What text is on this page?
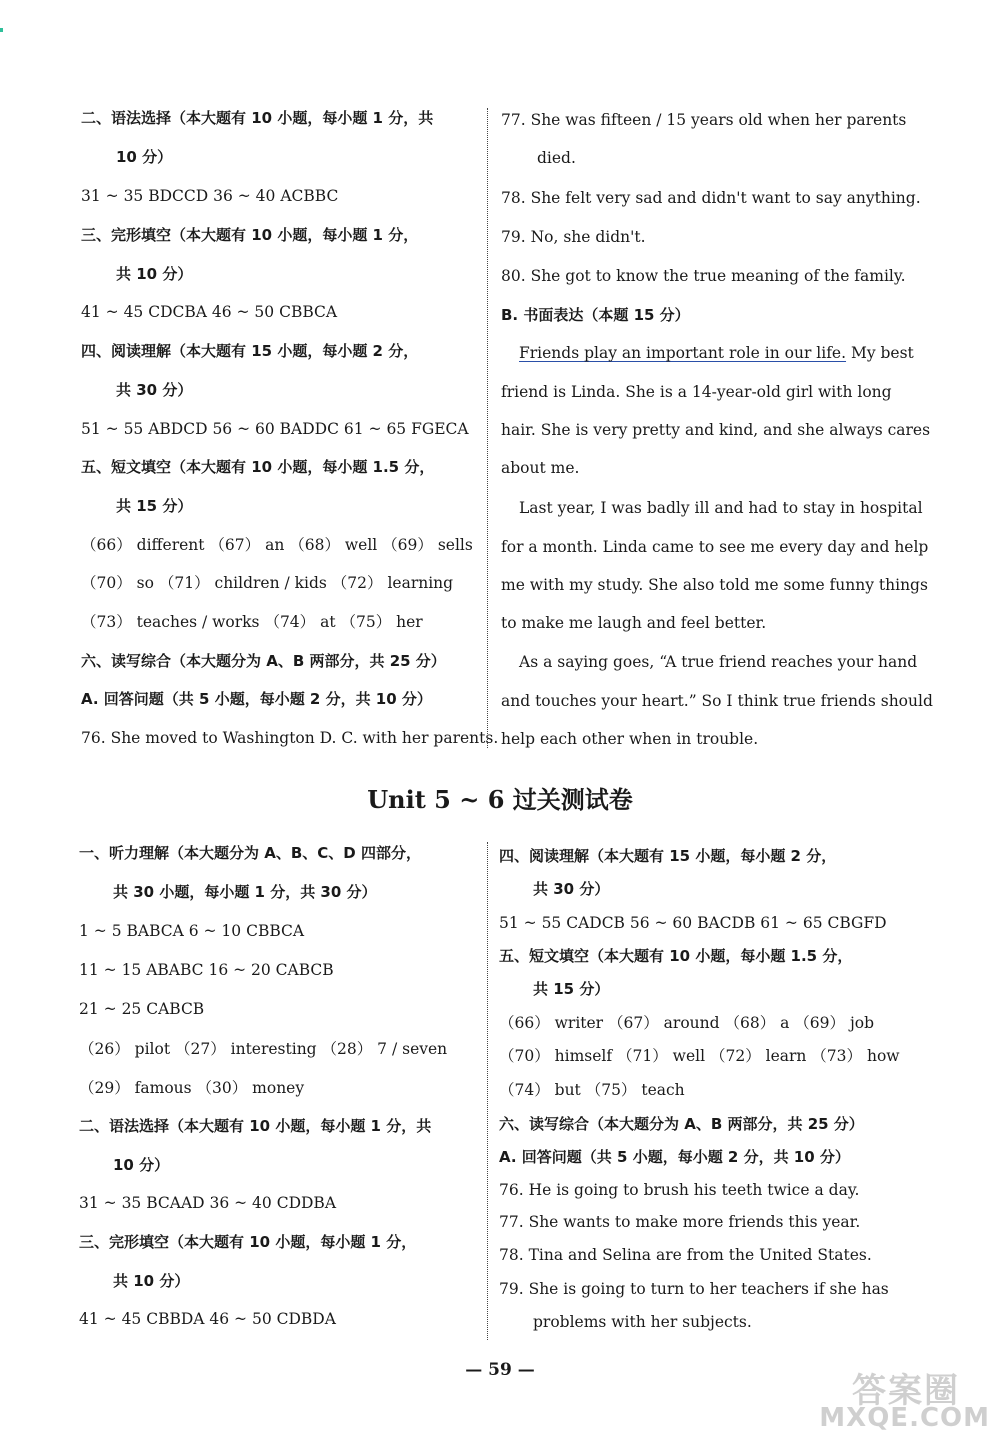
二、语法选择（本大题有 10 小题，每小题 1 分，共
10 分）
31 ~ 35 BDCCD 36 ~ 40 ACBBC
三、完形填空（本大题有 10 小题，每小题 1 分，
共 10 分）
41 ~ 45 CDCBA 46 ~ 50 CBBCA
四、阅读理解（本大题有 15 小题，每小题 2 分，
共 30 分）
51 ~ 55 ABDCD 56 ~ 60 BADDC 61 ~ 65 FGECA
五、短文填空（本大题有 10 小题，每小题 1.5 分，
共 15 分）
（66） different （67） an （68） well （69） sells
（70） so （71） children / kids （72） learning
（73） teaches / works （74） at （75） her
六、读写综合（本大题分为 A、B 两部分，共 25 分）
A. 回答问题（共 5 小题，每小题 2 分，共 10 分）
76. She moved to Washington D. C. with her parents.
77. She was fifteen / 15 years old when her parents
died.
78. She felt very sad and didn't want to say anything.
79. No, she didn't.
80. She got to know the true meaning of the family.
B. 书面表达（本题 15 分）
Friends play an important role in our life. My best
friend is Linda. She is a 14-year-old girl with long
hair. She is very pretty and kind, and she always cares
about me.
Last year, I was badly ill and had to stay in hospital
for a month. Linda came to see me every day and help
me with my study. She also told me some funny things
to make me laugh and feel better.
As a saying goes, “A true friend reaches your hand
and touches your heart.” So I think true friends should
help each other when in trouble.
Unit 5 ~ 6 过关测试卷
一、听力理解（本大题分为 A、B、C、D 四部分，
共 30 小题，每小题 1 分，共 30 分）
1 ~ 5 BABCA 6 ~ 10 CBBCA
11 ~ 15 ABABC 16 ~ 20 CABCB
21 ~ 25 CABCB
（26） pilot （27） interesting （28） 7 / seven
（29） famous （30） money
二、语法选择（本大题有 10 小题，每小题 1 分，共
10 分）
31 ~ 35 BCAAD 36 ~ 40 CDDBA
三、完形填空（本大题有 10 小题，每小题 1 分，
共 10 分）
41 ~ 45 CBBDA 46 ~ 50 CDBDA
四、阅读理解（本大题有 15 小题，每小题 2 分，
共 30 分）
51 ~ 55 CADCB 56 ~ 60 BACDB 61 ~ 65 CBGFD
五、短文填空（本大题有 10 小题，每小题 1.5 分，
共 15 分）
（66） writer （67） around （68） a （69） job
（70） himself （71） well （72） learn （73） how
（74） but （75） teach
六、读写综合（本大题分为 A、B 两部分，共 25 分）
A. 回答问题（共 5 小题，每小题 2 分，共 10 分）
76. He is going to brush his teeth twice a day.
77. She wants to make more friends this year.
78. Tina and Selina are from the United States.
79. She is going to turn to her teachers if she has
problems with her subjects.
— 59 —
答案圈
MXQE.COM
